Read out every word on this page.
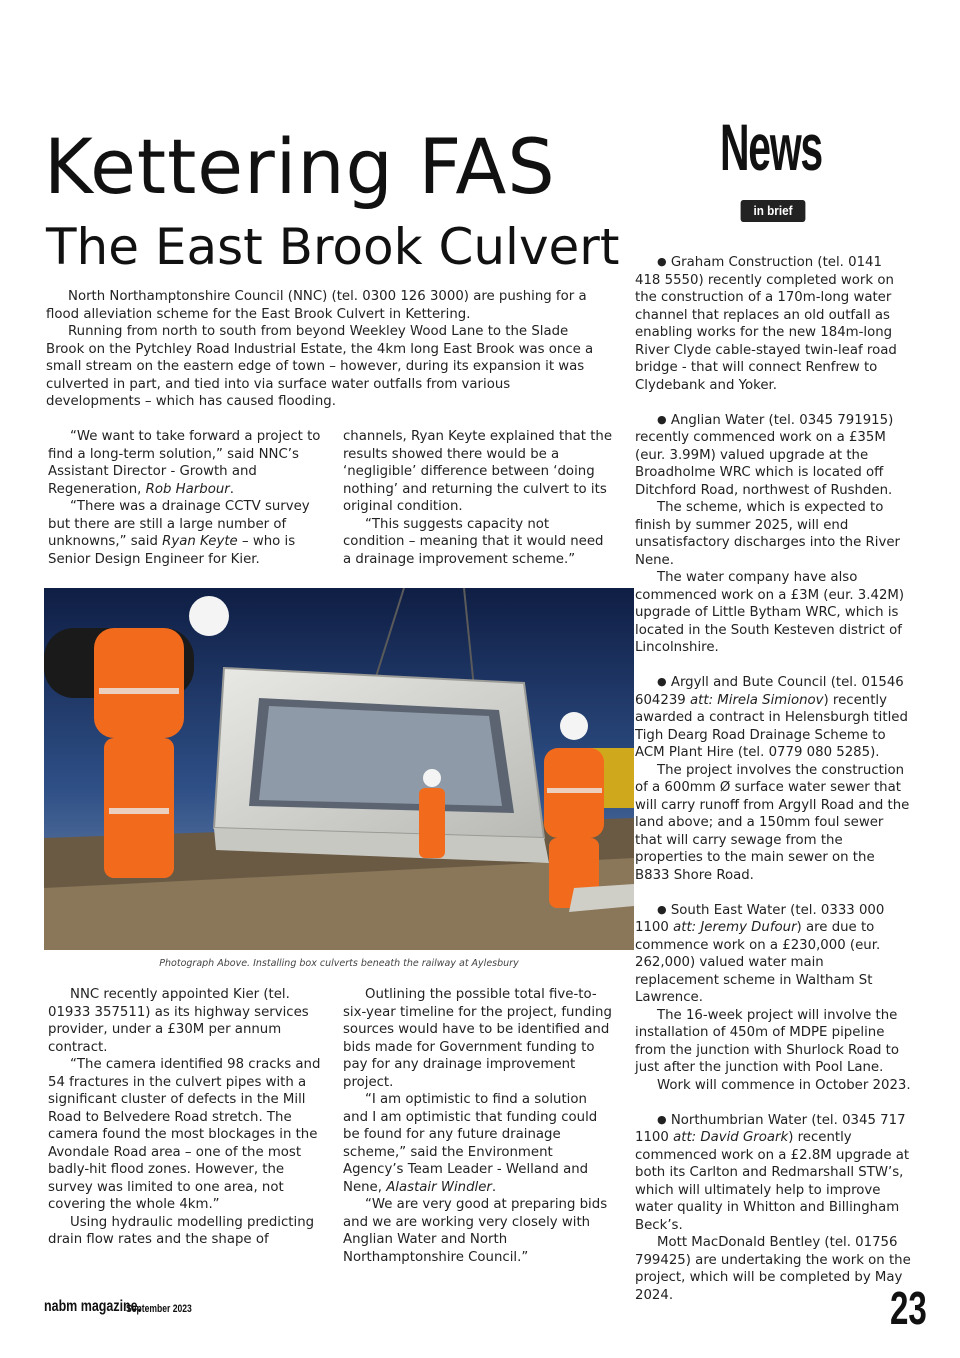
Kettering FAS
The East Brook Culvert
News
in brief

North Northamptonshire Council (NNC) (tel. 0300 126 3000) are pushing for a flood alleviation scheme for the East Brook Culvert in Kettering.

Running from north to south from beyond Weekley Wood Lane to the Slade Brook on the Pytchley Road Industrial Estate, the 4km long East Brook was once a small stream on the eastern edge of town – however, during its expansion it was culverted in part, and tied into via surface water outfalls from various developments – which has caused flooding.

“We want to take forward a project to find a long-term solution,” said NNC’s Assistant Director - Growth and Regeneration, Rob Harbour.

“There was a drainage CCTV survey but there are still a large number of unknowns,” said Ryan Keyte – who is Senior Design Engineer for Kier.

channels, Ryan Keyte explained that the results showed there would be a ‘negligible’ difference between ‘doing nothing’ and returning the culvert to its original condition.

“This suggests capacity not condition – meaning that it would need a drainage improvement scheme.”

Photograph Above. Installing box culverts beneath the railway at Aylesbury

NNC recently appointed Kier (tel. 01933 357511) as its highway services provider, under a £30M per annum contract.

“The camera identified 98 cracks and 54 fractures in the culvert pipes with a significant cluster of defects in the Mill Road to Belvedere Road stretch. The camera found the most blockages in the Avondale Road area – one of the most badly-hit flood zones. However, the survey was limited to one area, not covering the whole 4km.”

Using hydraulic modelling predicting drain flow rates and the shape of

Outlining the possible total five-to-six-year timeline for the project, funding sources would have to be identified and bids made for Government funding to pay for any drainage improvement project.

“I am optimistic to find a solution and I am optimistic that funding could be found for any future drainage scheme,” said the Environment Agency’s Team Leader - Welland and Nene, Alastair Windler.

“We are very good at preparing bids and we are working very closely with Anglian Water and North Northamptonshire Council.”

● Graham Construction (tel. 0141 418 5550) recently completed work on the construction of a 170m-long water channel that replaces an old outfall as enabling works for the new 184m-long River Clyde cable-stayed twin-leaf road bridge - that will connect Renfrew to Clydebank and Yoker.

● Anglian Water (tel. 0345 791915) recently commenced work on a £35M (eur. 3.99M) valued upgrade at the Broadholme WRC which is located off Ditchford Road, northwest of Rushden.

The scheme, which is expected to finish by summer 2025, will end unsatisfactory discharges into the River Nene.

The water company have also commenced work on a £3M (eur. 3.42M) upgrade of Little Bytham WRC, which is located in the South Kesteven district of Lincolnshire.

● Argyll and Bute Council (tel. 01546 604239 att: Mirela Simionov) recently awarded a contract in Helensburgh titled Tigh Dearg Road Drainage Scheme to ACM Plant Hire (tel. 0779 080 5285).

The project involves the construction of a 600mm Ø surface water sewer that will carry runoff from Argyll Road and the land above; and a 150mm foul sewer that will carry sewage from the properties to the main sewer on the B833 Shore Road.

● South East Water (tel. 0333 000 1100 att: Jeremy Dufour) are due to commence work on a £230,000 (eur. 262,000) valued water main replacement scheme in Waltham St Lawrence.

The 16-week project will involve the installation of 450m of MDPE pipeline from the junction with Shurlock Road to just after the junction with Pool Lane.

Work will commence in October 2023.

● Northumbrian Water (tel. 0345 717 1100 att: David Groark) recently commenced work on a £2.8M upgrade at both its Carlton and Redmarshall STW’s, which will ultimately help to improve water quality in Whitton and Billingham Beck’s.

Mott MacDonald Bentley (tel. 01756 799425) are undertaking the work on the project, which will be completed by May 2024.

nabm magazine.
September 2023	23
